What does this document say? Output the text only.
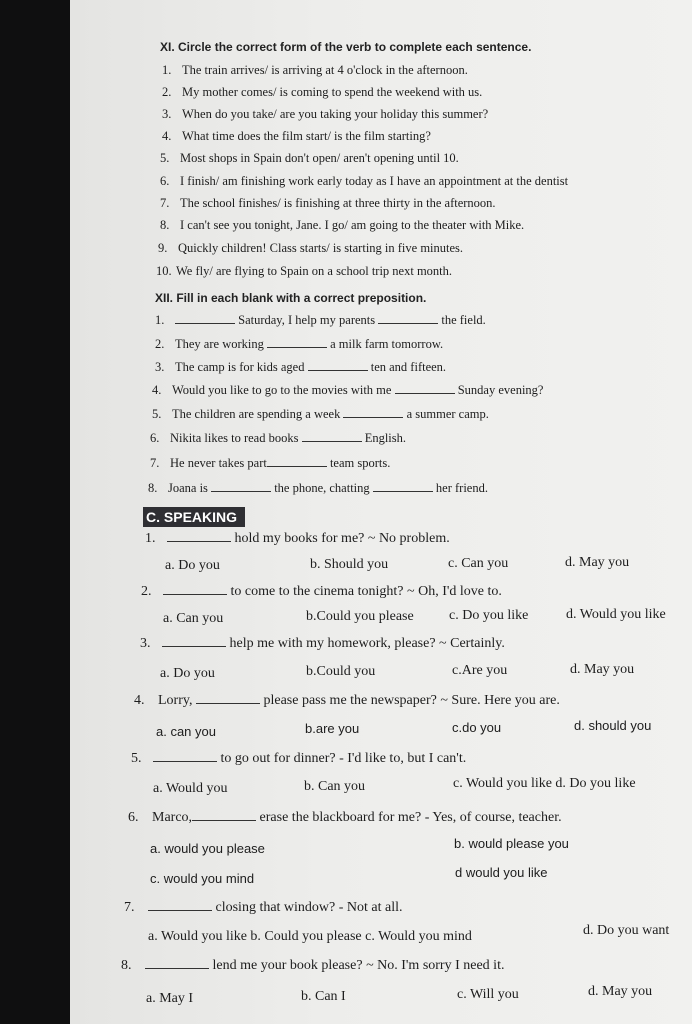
XI. Circle the correct form of the verb to complete each sentence.
1. The train arrives/ is arriving at 4 o'clock in the afternoon.
2. My mother comes/ is coming to spend the weekend with us.
3. When do you take/ are you taking your holiday this summer?
4. What time does the film start/ is the film starting?
5. Most shops in Spain don't open/ aren't opening until 10.
6. I finish/ am finishing work early today as I have an appointment at the dentist
7. The school finishes/ is finishing at three thirty in the afternoon.
8. I can't see you tonight, Jane. I go/ am going to the theater with Mike.
9. Quickly children! Class starts/ is starting in five minutes.
10. We fly/ are flying to Spain on a school trip next month.
XII. Fill in each blank with a correct preposition.
1.	Saturday, I help my parents	the field.
2. They are working	a milk farm tomorrow.
3. The camp is for kids aged	ten and fifteen.
4. Would you like to go to the movies with me	Sunday evening?
5. The children are spending a week	a summer camp.
6. Nikita likes to read books	English.
7. He never takes part	team sports.
8. Joana is	the phone, chatting	her friend.
C. SPEAKING
1.	hold my books for me? ~ No problem.
a. Do you	b. Should you	c. Can you	d. May you
2.	to come to the cinema tonight? ~ Oh, I'd love to.
a. Can you	b.Could you please	c. Do you like	d. Would you like
3.	help me with my homework, please? ~ Certainly.
a. Do you	b.Could you	c.Are you	d. May you
4. Lorry,	please pass me the newspaper? ~ Sure. Here you are.
a. can you	b.are you	c.do you	d. should you
5.	to go out for dinner? - I'd like to, but I can't.
a. Would you	b. Can you	c. Would you like d. Do you like
6. Marco,	erase the blackboard for me? - Yes, of course, teacher.
a. would you please	b. would please you
c. would you mind	d would you like
7.	closing that window? - Not at all.
a. Would you like b. Could you please c. Would you mind	d. Do you want
8.	lend me your book please? ~ No. I'm sorry I need it.
a. May I	b. Can I	c. Will you	d. May you
